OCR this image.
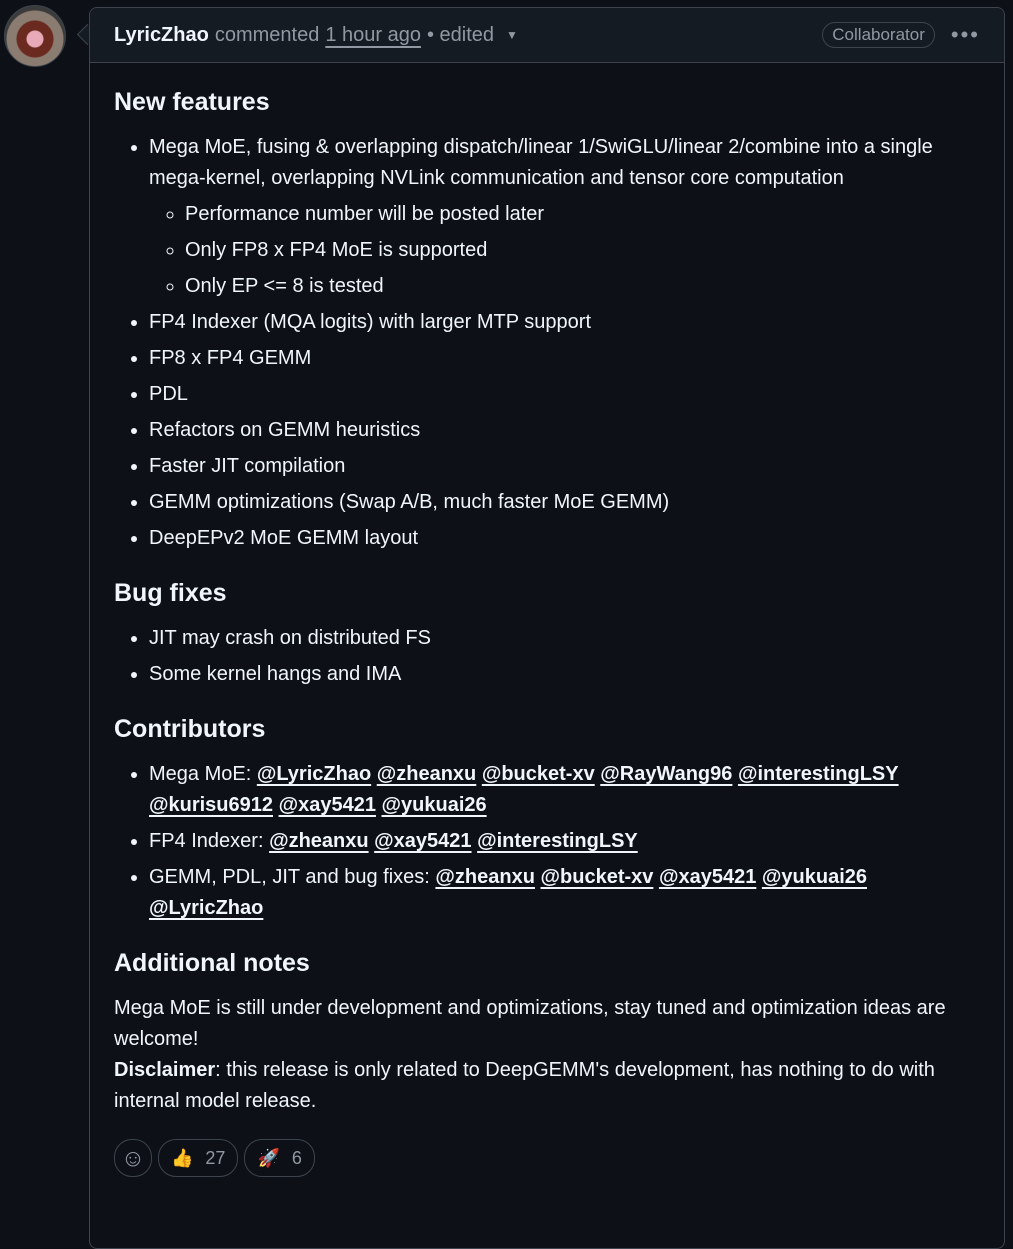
LyricZhao commented 1 hour ago • edited ▼	Collaborator	•••
New features
• Mega MoE, fusing & overlapping dispatch/linear 1/SwiGLU/linear 2/combine into a single mega-kernel, overlapping NVLink communication and tensor core computation
◦ Performance number will be posted later
◦ Only FP8 x FP4 MoE is supported
◦ Only EP <= 8 is tested
• FP4 Indexer (MQA logits) with larger MTP support
• FP8 x FP4 GEMM
• PDL
• Refactors on GEMM heuristics
• Faster JIT compilation
• GEMM optimizations (Swap A/B, much faster MoE GEMM)
• DeepEPv2 MoE GEMM layout
Bug fixes
• JIT may crash on distributed FS
• Some kernel hangs and IMA
Contributors
• Mega MoE: @LyricZhao @zheanxu @bucket-xv @RayWang96 @interestingLSY @kurisu6912 @xay5421 @yukuai26
• FP4 Indexer: @zheanxu @xay5421 @interestingLSY
• GEMM, PDL, JIT and bug fixes: @zheanxu @bucket-xv @xay5421 @yukuai26 @LyricZhao
Additional notes

Mega MoE is still under development and optimizations, stay tuned and optimization ideas are welcome!
Disclaimer: this release is only related to DeepGEMM's development, has nothing to do with internal model release.

☺ 👍 27 🚀 6
